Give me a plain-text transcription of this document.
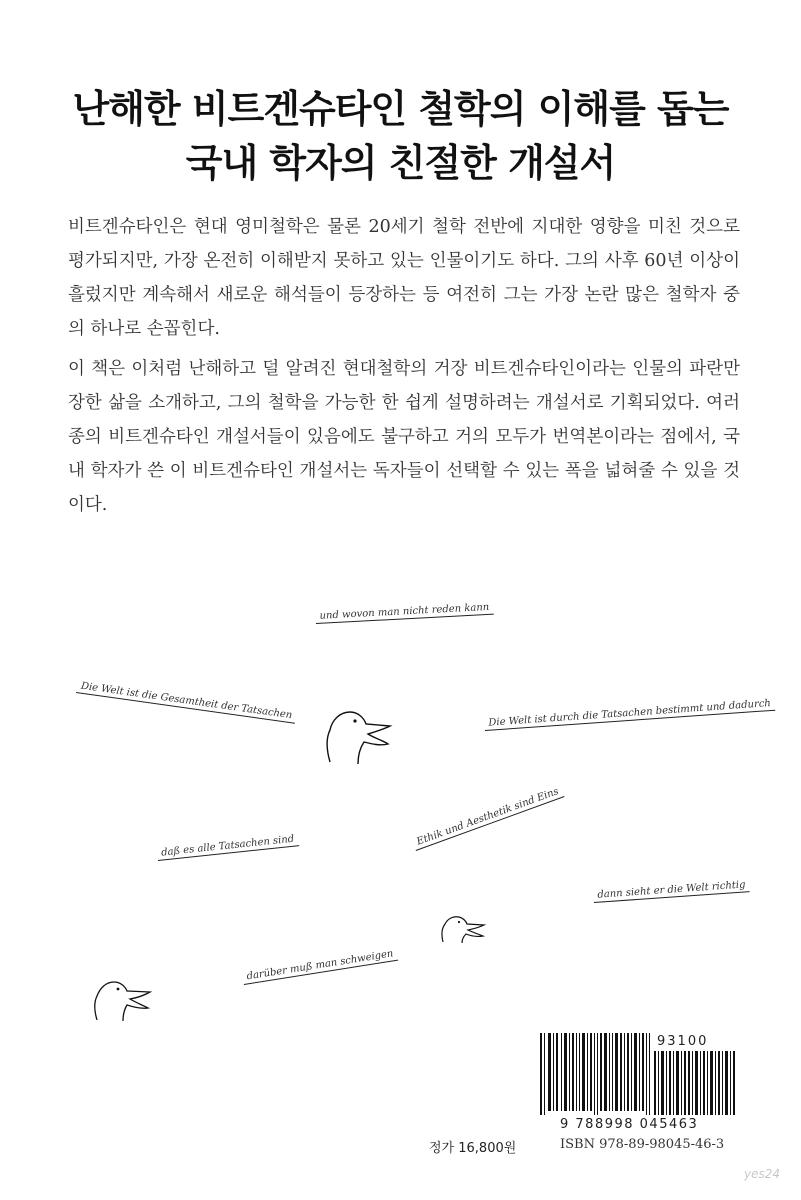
난해한 비트겐슈타인 철학의 이해를 돕는
국내 학자의 친절한 개설서
비트겐슈타인은 현대 영미철학은 물론 20세기 철학 전반에 지대한 영향을 미친 것으로 평가되지만, 가장 온전히 이해받지 못하고 있는 인물이기도 하다. 그의 사후 60년 이상이 흘렀지만 계속해서 새로운 해석들이 등장하는 등 여전히 그는 가장 논란 많은 철학자 중의 하나로 손꼽힌다.
이 책은 이처럼 난해하고 덜 알려진 현대철학의 거장 비트겐슈타인이라는 인물의 파란만장한 삶을 소개하고, 그의 철학을 가능한 한 쉽게 설명하려는 개설서로 기획되었다. 여러 종의 비트겐슈타인 개설서들이 있음에도 불구하고 거의 모두가 번역본이라는 점에서, 국내 학자가 쓴 이 비트겐슈타인 개설서는 독자들이 선택할 수 있는 폭을 넓혀줄 수 있을 것이다.
und wovon man nicht reden kann
Die Welt ist die Gesamtheit der Tatsachen	Die Welt ist durch die Tatsachen bestimmt und dadurch
Ethik und Aesthetik sind Eins
daß es alle Tatsachen sind
dann sieht er die Welt richtig
darüber muß man schweigen
93100
9 788998 045463
정가 16,800원	ISBN 978-89-98045-46-3
yes24
